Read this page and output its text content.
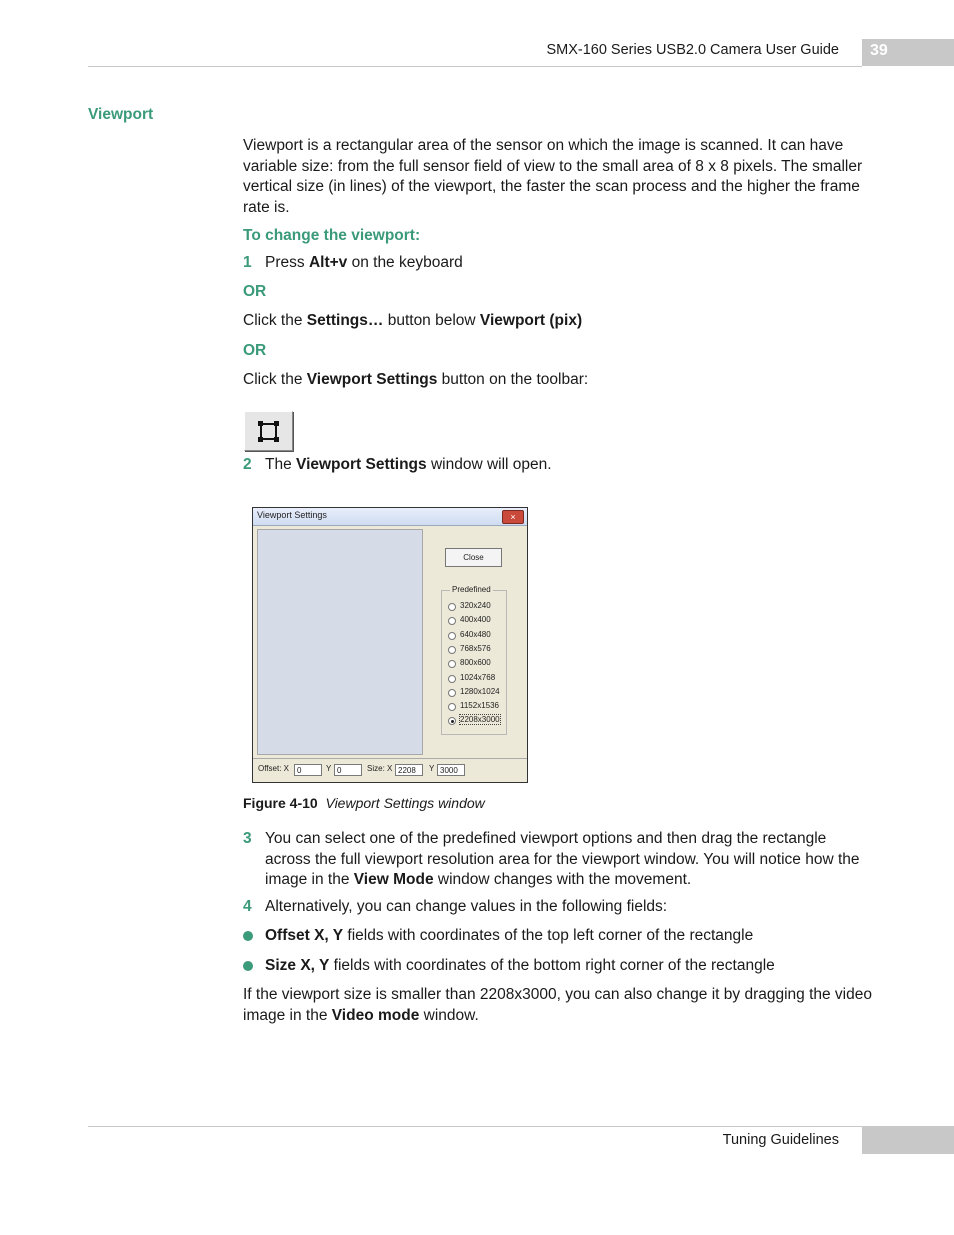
SMX-160 Series USB2.0 Camera User Guide 39
Viewport
Viewport is a rectangular area of the sensor on which the image is scanned. It can have variable size: from the full sensor field of view to the small area of 8 x 8 pixels. The smaller vertical size (in lines) of the viewport, the faster the scan process and the higher the frame rate is.
To change the viewport:
1 Press Alt+v on the keyboard
OR
Click the Settings… button below Viewport (pix)
OR
Click the Viewport Settings button on the toolbar:
2 The Viewport Settings window will open.
Viewport Settings	×
Close
Predefined
320x240
400x400
640x480
768x576
800x600
1024x768
1280x1024
1152x1536
2208x3000
Offset: X	0	Y 0	Size: X 2208	Y 3000
Figure 4-10 Viewport Settings window
3 You can select one of the predefined viewport options and then drag the rectangle across the full viewport resolution area for the viewport window. You will notice how the image in the View Mode window changes with the movement.
4 Alternatively, you can change values in the following fields:
Offset X, Y fields with coordinates of the top left corner of the rectangle
Size X, Y fields with coordinates of the bottom right corner of the rectangle
If the viewport size is smaller than 2208x3000, you can also change it by dragging the video image in the Video mode window.
Tuning Guidelines
